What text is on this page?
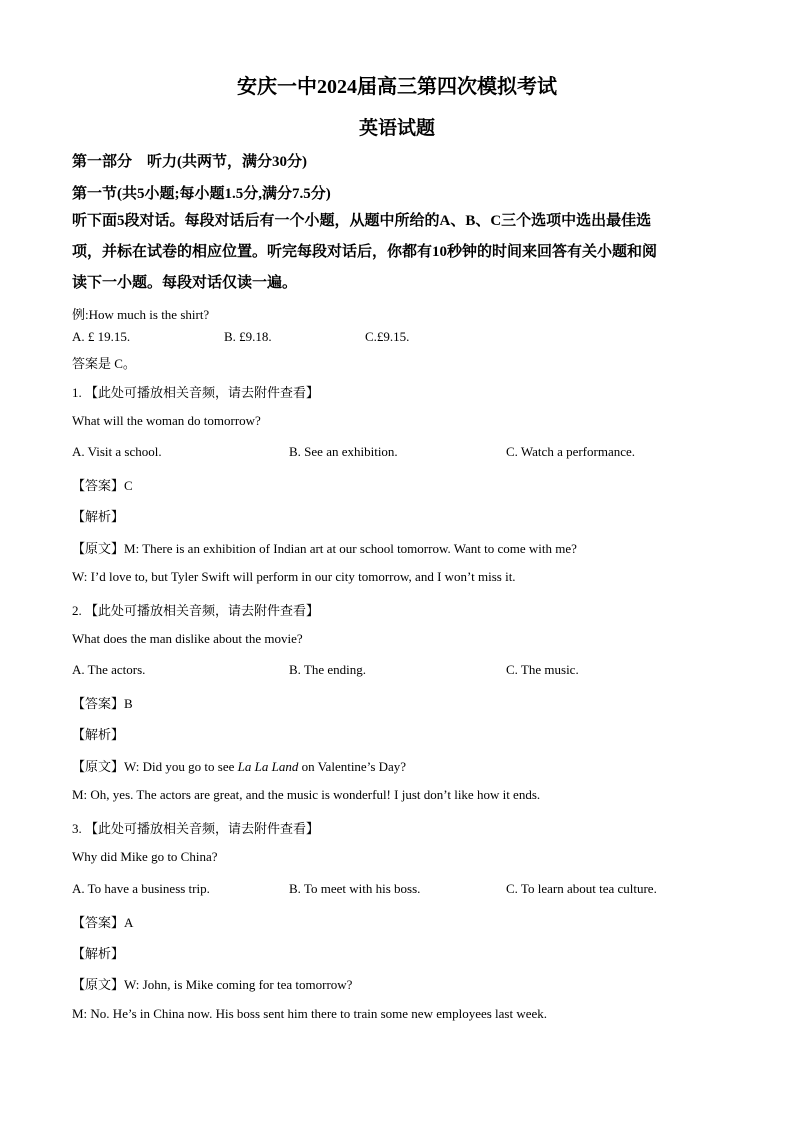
安庆一中2024届高三第四次模拟考试
英语试题
第一部分　听力(共两节，满分30分)
第一节(共5小题;每小题1.5分,满分7.5分)
听下面5段对话。每段对话后有一个小题，从题中所给的A、B、C三个选项中选出最佳选
项，并标在试卷的相应位置。听完每段对话后，你都有10秒钟的时间来回答有关小题和阅
读下一小题。每段对话仅读一遍。
例:How much is the shirt?
A. £ 19.15.	B. £9.18.	C.£9.15.
答案是 C。
1. 【此处可播放相关音频，请去附件查看】
What will the woman do tomorrow?
A. Visit a school.	B. See an exhibition.	C. Watch a performance.
【答案】C
【解析】
【原文】M: There is an exhibition of Indian art at our school tomorrow. Want to come with me?
W: I’d love to, but Tyler Swift will perform in our city tomorrow, and I won’t miss it.
2. 【此处可播放相关音频，请去附件查看】
What does the man dislike about the movie?
A. The actors.	B. The ending.	C. The music.
【答案】B
【解析】
【原文】W: Did you go to see La La Land on Valentine’s Day?
M: Oh, yes. The actors are great, and the music is wonderful! I just don’t like how it ends.
3. 【此处可播放相关音频，请去附件查看】
Why did Mike go to China?
A. To have a business trip.	B. To meet with his boss.	C. To learn about tea culture.
【答案】A
【解析】
【原文】W: John, is Mike coming for tea tomorrow?
M: No. He’s in China now. His boss sent him there to train some new employees last week.
